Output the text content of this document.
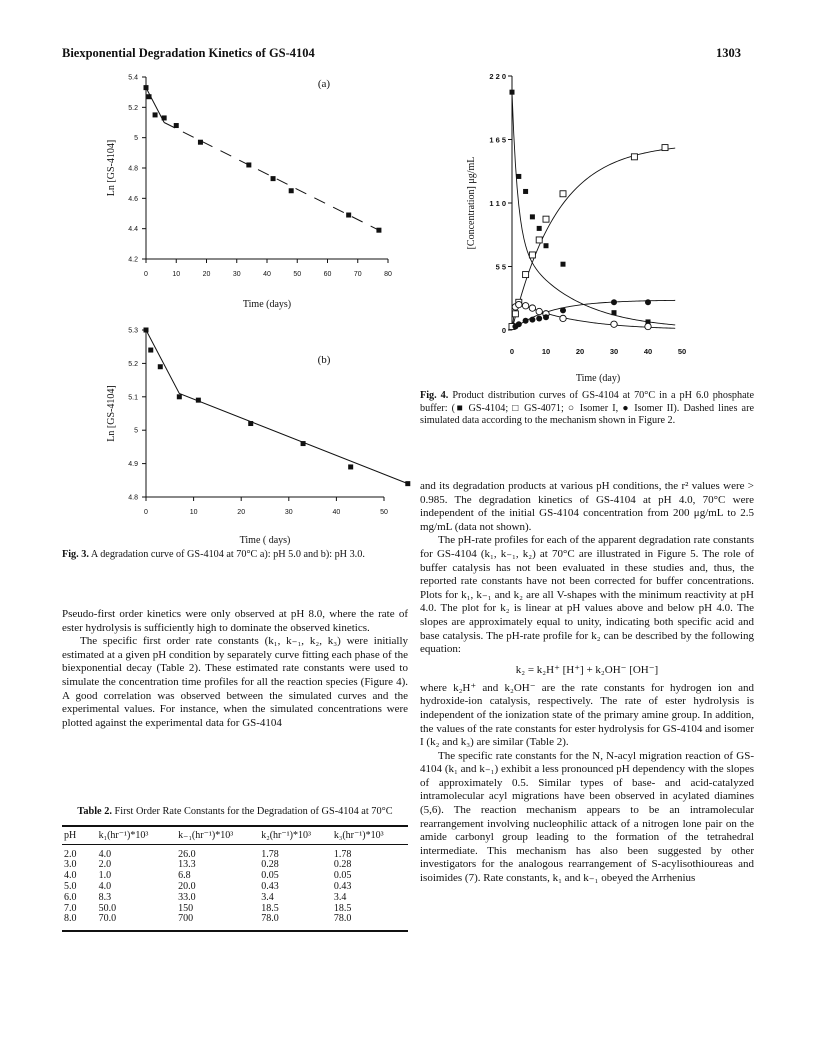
Biexponential Degradation Kinetics of GS-4104	1303
4.2
4.4
4.6
4.8
5
5.2
5.4
0	10	20	30	40	50	60	70	80
(a)
Time (days)
Ln [GS-4104]
4.8
4.9
5
5.1
5.2
5.3
0	10	20	30	40	50
(b)
Time ( days)
Ln [GS-4104]
Fig. 3. A degradation curve of GS-4104 at 70°C a): pH 5.0 and b): pH 3.0.
0
5 5
1 1 0
1 6 5
2 2 0
0	10	20	30	40	50
Time (day)
[Concentration] μg/mL
Fig. 4. Product distribution curves of GS-4104 at 70°C in a pH 6.0 phosphate buffer: (■ GS-4104; □ GS-4071; ○ Isomer I, ● Isomer II). Dashed lines are simulated data according to the mechanism shown in Figure 2.

Pseudo-first order kinetics were only observed at pH 8.0, where the rate of ester hydrolysis is sufficiently high to dominate the observed kinetics.

The specific first order rate constants (k₁, k₋₁, k₂, k₃) were initially estimated at a given pH condition by separately curve fitting each phase of the biexponential decay (Table 2). These estimated rate constants were used to simulate the concentration time profiles for all the reaction species (Figure 4). A good correlation was observed between the simulated curves and the experimental values. For instance, when the simulated concentrations were plotted against the experimental data for GS-4104

Table 2. First Order Rate Constants for the Degradation of GS-4104 at 70°C
pH	k₁(hr⁻¹)*10³	k₋₁(hr⁻¹)*10³	k₂(hr⁻¹)*10³	k₃(hr⁻¹)*10³
2.0	4.0	26.0	1.78	1.78
3.0	2.0	13.3	0.28	0.28
4.0	1.0	6.8	0.05	0.05
5.0	4.0	20.0	0.43	0.43
6.0	8.3	33.0	3.4	3.4
7.0	50.0	150	18.5	18.5
8.0	70.0	700	78.0	78.0

and its degradation products at various pH conditions, the r² values were > 0.985. The degradation kinetics of GS-4104 at pH 4.0, 70°C were independent of the initial GS-4104 concentration from 200 μg/mL to 2.5 mg/mL (data not shown).

The pH-rate profiles for each of the apparent degradation rate constants for GS-4104 (k₁, k₋₁, k₂) at 70°C are illustrated in Figure 5. The role of buffer catalysis has not been evaluated in these studies and, thus, the reported rate constants have not been corrected for buffer concentrations. Plots for k₁, k₋₁ and k₂ are all V-shapes with the minimum reactivity at pH 4.0. The plot for k₂ is linear at pH values above and below pH 4.0. The slopes are approximately equal to unity, indicating both specific acid and base catalysis. The pH-rate profile for k₂ can be described by the following equation:

k₂ = k₂H⁺ [H⁺] + k₂OH⁻ [OH⁻]

where k₂H⁺ and k₂OH⁻ are the rate constants for hydrogen ion and hydroxide-ion catalysis, respectively. The rate of ester hydrolysis is independent of the ionization state of the primary amine group. In addition, the values of the rate constants for ester hydrolysis for GS-4104 and isomer I (k₂ and k₃) are similar (Table 2).

The specific rate constants for the N, N-acyl migration reaction of GS-4104 (k₁ and k₋₁) exhibit a less pronounced pH dependency with the slopes of approximately 0.5. Similar types of base- and acid-catalyzed intramolecular acyl migrations have been observed in acylated diamines (5,6). The reaction mechanism appears to be an intramolecular rearrangement involving nucleophilic attack of a nitrogen lone pair on the amide carbonyl group leading to the formation of the tetrahedral intermediate. This mechanism has also been suggested by other investigators for the analogous rearrangement of S-acylisothioureas and isoimides (7). Rate constants, k₁ and k₋₁ obeyed the Arrhenius
